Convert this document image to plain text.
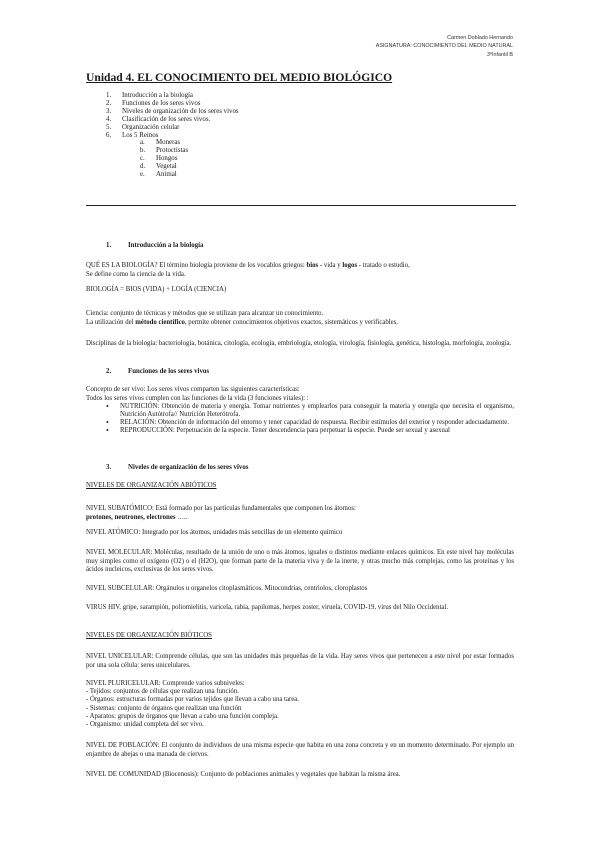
Carmen Doblado Hernando
ASIGNATURA: CONOCIMIENTO DEL MEDIO NATURAL
3ºInfantil B
Unidad 4. EL CONOCIMIENTO DEL MEDIO BIOLÓGICO
1.	Introducción a la biología
2.	Funciones de los seres vivos
3.	Niveles de organización de los seres vivos
4.	Clasificación de los seres vivos.
5.	Organización celular
6.	Los 5 Reinos
a.	Moneras
b.	Protoctistas
c.	Hongos
d.	Vegetal
e.	Animal
1. Introducción a la biología
QUÉ ES LA BIOLOGÍA? El término biología proviene de los vocablos griegos: bios - vida y logos - tratado o estudio,
Se define como la ciencia de la vida.
BIOLOGÍA = BIOS (VIDA) + LOGÍA (CIENCIA)
Ciencia: conjunto de técnicas y métodos que se utilizan para alcanzar un conocimiento.
La utilización del método científico, permite obtener conocimientos objetivos exactos, sistemáticos y verificables.
Disciplinas de la biología: bacteriología, botánica, citología, ecología, embriología, etología, virología, fisiología, genética, histología, morfología, zoología.
2. Funciones de los seres vivos
Concepto de ser vivo: Los seres vivos comparten las siguientes características:
Todos los seres vivos cumplen con las funciones de la vida (3 funciones vitales): :
•	NUTRICIÓN: Obtención de materia y energía. Tomar nutrientes y emplearlos para conseguir la materia y energía que necesita el organismo, Nutrición Autótrofa// Nutrición Heterótrofa.
•	RELACIÓN: Obtención de información del entorno y tener capacidad de respuesta. Recibir estímulos del exterior y responder adecuadamente.
•	REPRODUCCIÓN: Perpetuación de la especie. Tener descendencia para perpetuar la especie. Puede ser sexual y asexual
3. Niveles de organización de los seres vivos
NIVELES DE ORGANIZACIÓN ABIÓTICOS
NIVEL SUBATÓMICO: Está formado por las partículas fundamentales que componen los átomos:
protones, neutrones, electrones …..
NIVEL ATÓMICO: Integrado por los átomos, unidades más sencillas de un elemento químico
NIVEL MOLECULAR: Moléculas, resultado de la unión de uno o más átomos, iguales o distintos mediante enlaces químicos. En este nivel hay moléculas muy simples como el oxígeno (O2) o el (H2O), que forman parte de la materia viva y de la inerte, y otras mucho más complejas, como las proteínas y los ácidos nucleicos, exclusivas de los seres vivos.
NIVEL SUBCELULAR: Orgánulos u organelos citoplasmáticos. Mitocondrias, centriolos, cloroplastos
VIRUS HIV, gripe, sarampión, poliomielitis, varicela, rabia, papilomas, herpes zoster, viruela, COVID-19, virus del Nilo Occidental.
NIVELES DE ORGANIZACIÓN BIÓTICOS
NIVEL UNICELULAR: Comprende células, que son las unidades más pequeñas de la vida. Hay seres vivos que pertenecen a este nivel por estar formados por una sola célula: seres unicelulares.
NIVEL PLURICELULAR: Comprende varios subniveles:
- Tejidos: conjuntos de células que realizan una función.
- Órganos: estructuras formadas por varios tejidos que llevan a cabo una tarea.
- Sistemas: conjunto de órganos que realizan una función
- Aparatos: grupos de órganos que llevan a cabo una función compleja.
- Organismo: unidad completa del ser vivo.
NIVEL DE POBLACIÓN: El conjunto de individuos de una misma especie que habita en una zona concreta y en un momento determinado. Por ejemplo un enjambre de abejas o una manada de ciervos.
NIVEL DE COMUNIDAD (Biocenosis): Conjunto de poblaciones animales y vegetales que habitan la misma área.
